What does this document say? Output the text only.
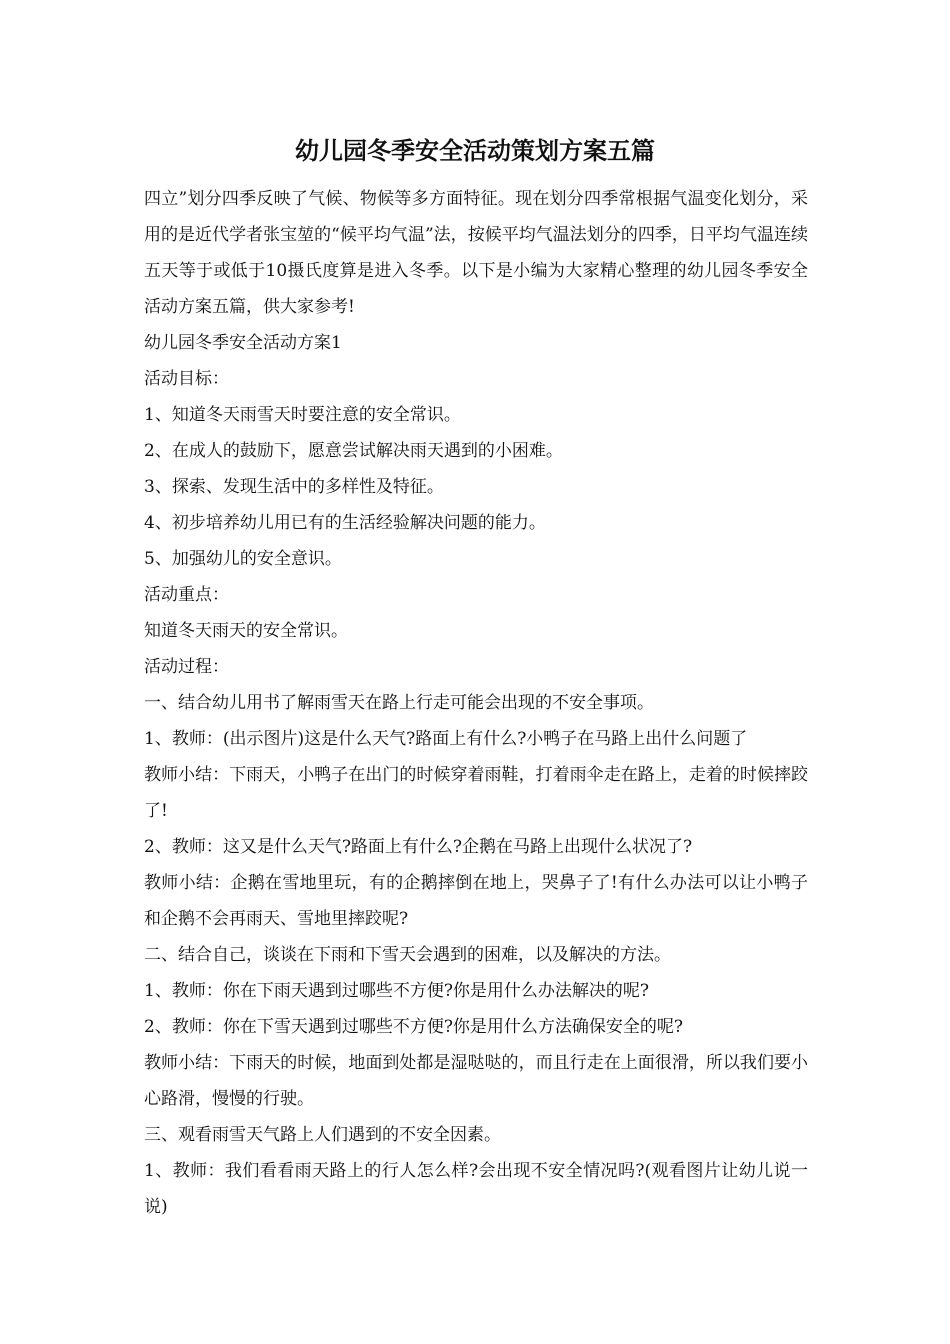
幼儿园冬季安全活动策划方案五篇

四立”划分四季反映了气候、物候等多方面特征。现在划分四季常根据气温变化划分，采用的是近代学者张宝堃的“候平均气温”法，按候平均气温法划分的四季，日平均气温连续五天等于或低于10摄氏度算是进入冬季。以下是小编为大家精心整理的幼儿园冬季安全活动方案五篇，供大家参考!

幼儿园冬季安全活动方案1

活动目标：

1、知道冬天雨雪天时要注意的安全常识。

2、在成人的鼓励下，愿意尝试解决雨天遇到的小困难。

3、探索、发现生活中的多样性及特征。

4、初步培养幼儿用已有的生活经验解决问题的能力。

5、加强幼儿的安全意识。

活动重点：

知道冬天雨天的安全常识。

活动过程：

一、结合幼儿用书了解雨雪天在路上行走可能会出现的不安全事项。

1、教师：(出示图片)这是什么天气?路面上有什么?小鸭子在马路上出什么问题了

教师小结：下雨天，小鸭子在出门的时候穿着雨鞋，打着雨伞走在路上，走着的时候摔跤了!

2、教师：这又是什么天气?路面上有什么?企鹅在马路上出现什么状况了?

教师小结：企鹅在雪地里玩，有的企鹅摔倒在地上，哭鼻子了!有什么办法可以让小鸭子和企鹅不会再雨天、雪地里摔跤呢?

二、结合自己，谈谈在下雨和下雪天会遇到的困难，以及解决的方法。

1、教师：你在下雨天遇到过哪些不方便?你是用什么办法解决的呢?

2、教师：你在下雪天遇到过哪些不方便?你是用什么方法确保安全的呢?

教师小结：下雨天的时候，地面到处都是湿哒哒的，而且行走在上面很滑，所以我们要小心路滑，慢慢的行驶。

三、观看雨雪天气路上人们遇到的不安全因素。

1、教师：我们看看雨天路上的行人怎么样?会出现不安全情况吗?(观看图片让幼儿说一说)
